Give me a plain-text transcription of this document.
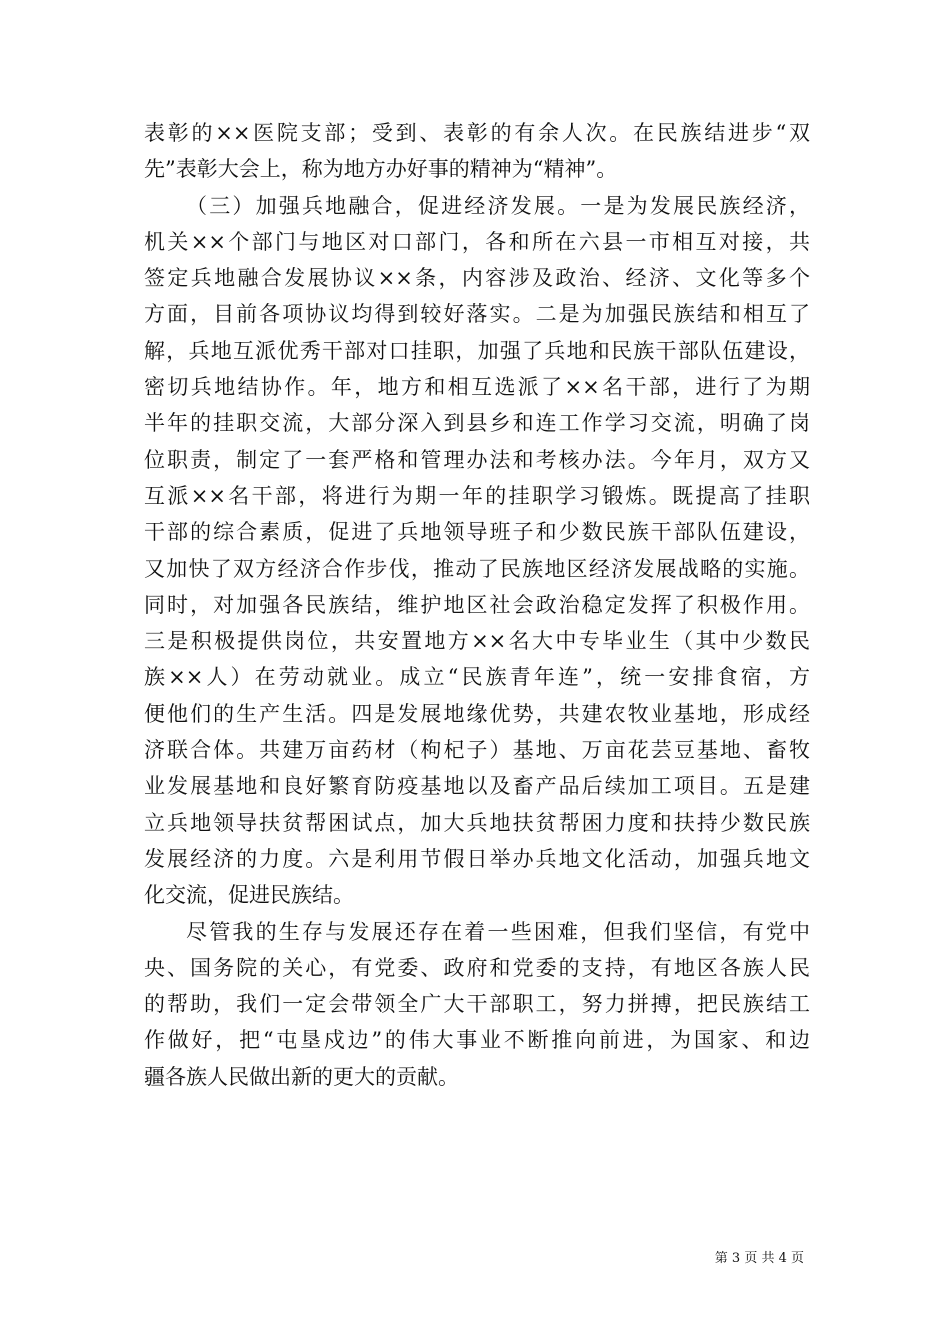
表彰的××医院支部；受到、表彰的有余人次。在民族结进步“双
先”表彰大会上，称为地方办好事的精神为“精神”。
（三）加强兵地融合，促进经济发展。一是为发展民族经济，
机关××个部门与地区对口部门，各和所在六县一市相互对接，共
签定兵地融合发展协议××条，内容涉及政治、经济、文化等多个
方面，目前各项协议均得到较好落实。二是为加强民族结和相互了
解，兵地互派优秀干部对口挂职，加强了兵地和民族干部队伍建设，
密切兵地结协作。年，地方和相互选派了××名干部，进行了为期
半年的挂职交流，大部分深入到县乡和连工作学习交流，明确了岗
位职责，制定了一套严格和管理办法和考核办法。今年月，双方又
互派××名干部，将进行为期一年的挂职学习锻炼。既提高了挂职
干部的综合素质，促进了兵地领导班子和少数民族干部队伍建设，
又加快了双方经济合作步伐，推动了民族地区经济发展战略的实施。
同时，对加强各民族结，维护地区社会政治稳定发挥了积极作用。
三是积极提供岗位，共安置地方××名大中专毕业生（其中少数民
族××人）在劳动就业。成立“民族青年连”，统一安排食宿，方
便他们的生产生活。四是发展地缘优势，共建农牧业基地，形成经
济联合体。共建万亩药材（枸杞子）基地、万亩花芸豆基地、畜牧
业发展基地和良好繁育防疫基地以及畜产品后续加工项目。五是建
立兵地领导扶贫帮困试点，加大兵地扶贫帮困力度和扶持少数民族
发展经济的力度。六是利用节假日举办兵地文化活动，加强兵地文
化交流，促进民族结。
尽管我的生存与发展还存在着一些困难，但我们坚信，有党中
央、国务院的关心，有党委、政府和党委的支持，有地区各族人民
的帮助，我们一定会带领全广大干部职工，努力拼搏，把民族结工
作做好，把“屯垦戍边”的伟大事业不断推向前进，为国家、和边
疆各族人民做出新的更大的贡献。
第 3 页 共 4 页
